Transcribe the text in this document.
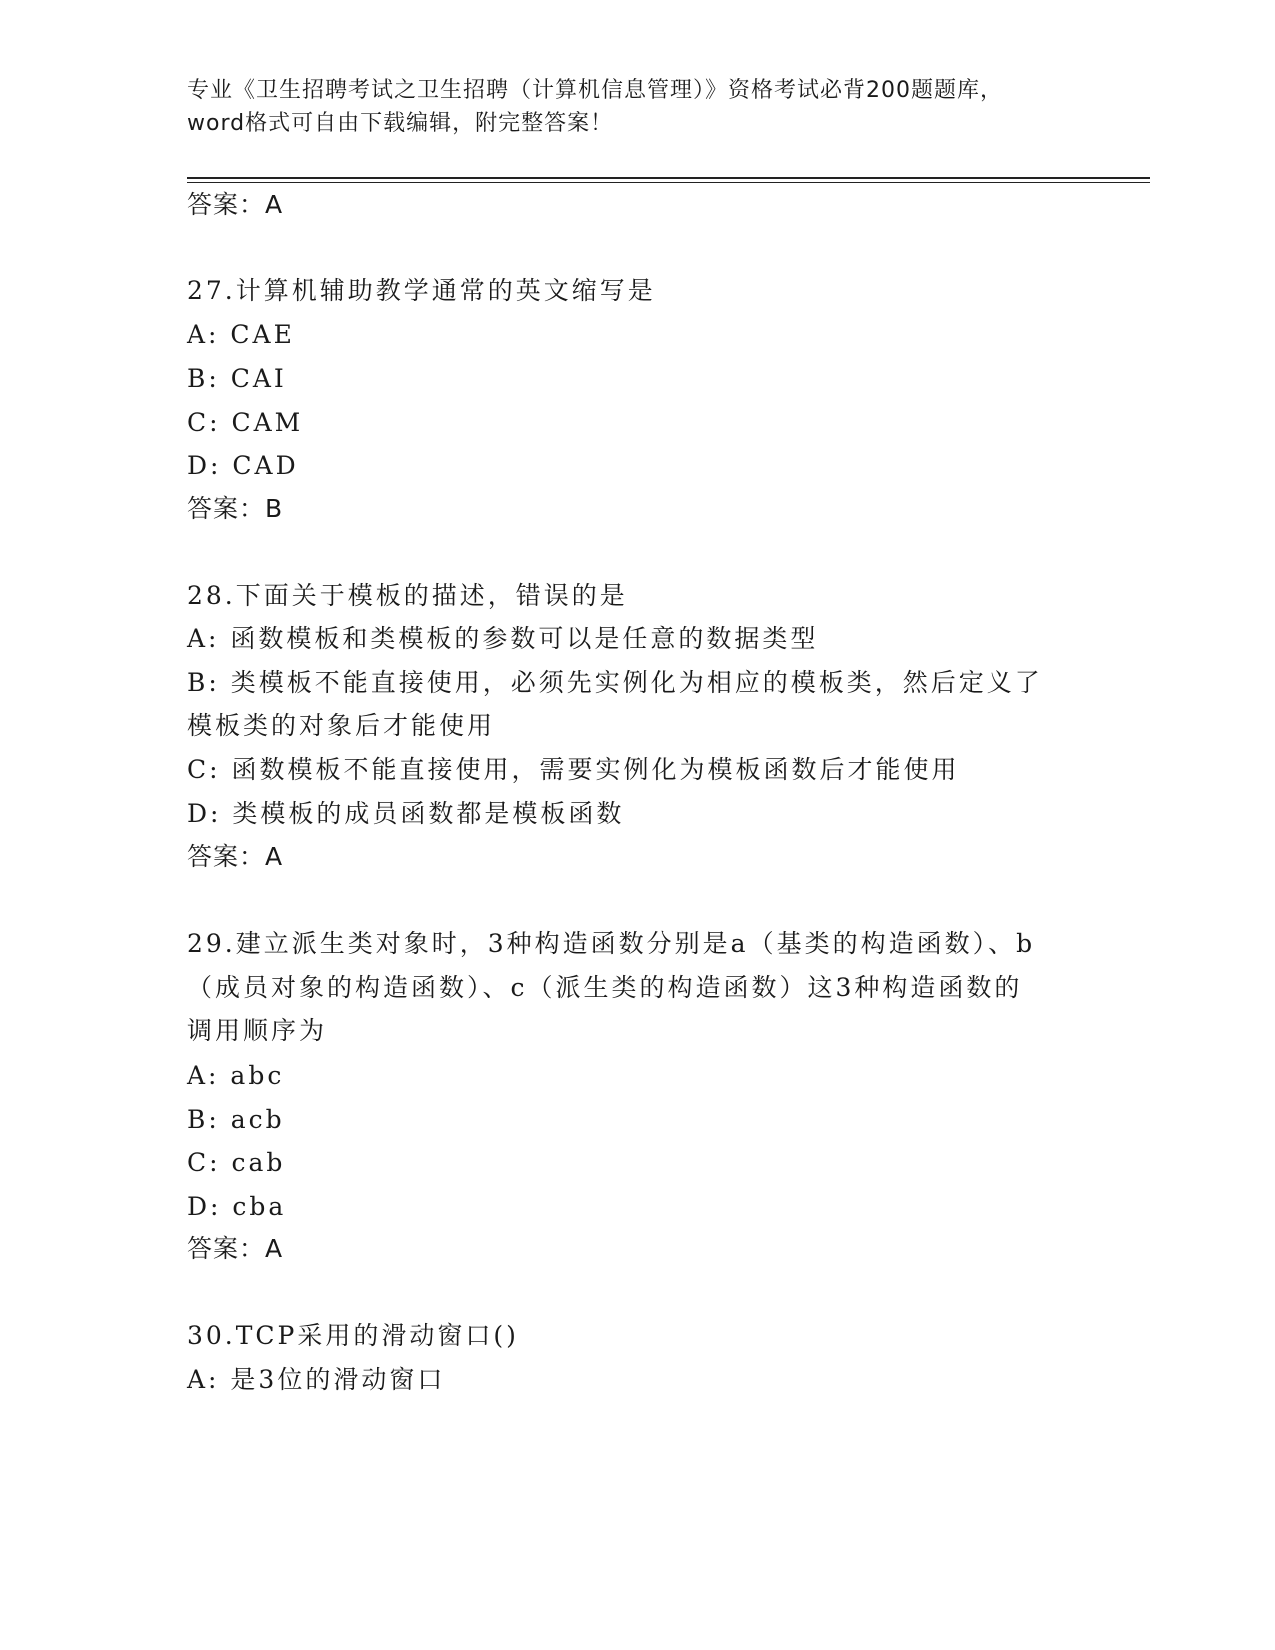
专业《卫生招聘考试之卫生招聘（计算机信息管理）》资格考试必背200题题库，
word格式可自由下载编辑，附完整答案！
答案：A
27.计算机辅助教学通常的英文缩写是
A: CAE
B: CAI
C: CAM
D: CAD
答案：B
28.下面关于模板的描述，错误的是
A: 函数模板和类模板的参数可以是任意的数据类型
B: 类模板不能直接使用，必须先实例化为相应的模板类，然后定义了
模板类的对象后才能使用
C: 函数模板不能直接使用，需要实例化为模板函数后才能使用
D: 类模板的成员函数都是模板函数
答案：A
29.建立派生类对象时，3种构造函数分别是a（基类的构造函数）、b
（成员对象的构造函数）、c（派生类的构造函数）这3种构造函数的
调用顺序为
A: abc
B: acb
C: cab
D: cba
答案：A
30.TCP采用的滑动窗口()
A: 是3位的滑动窗口
